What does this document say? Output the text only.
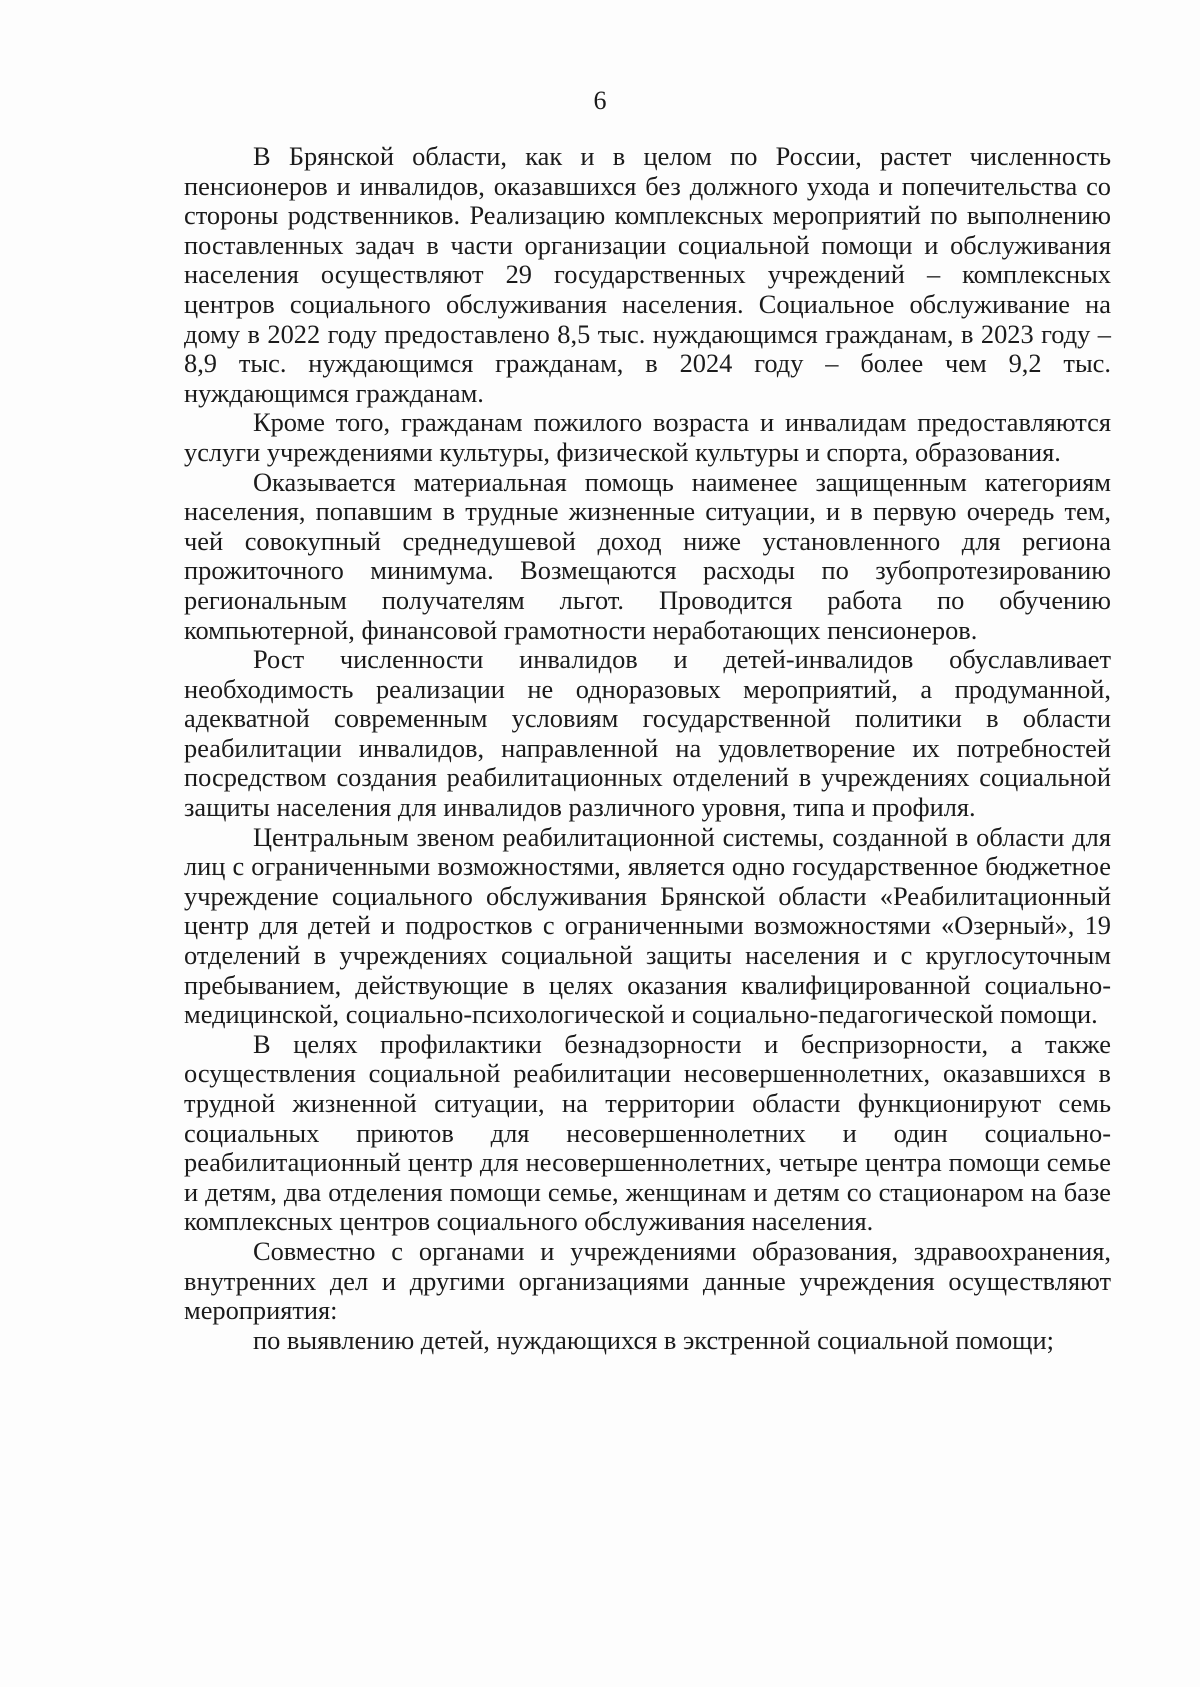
6

В Брянской области, как и в целом по России, растет численность пенсионеров и инвалидов, оказавшихся без должного ухода и попечительства со стороны родственников. Реализацию комплексных мероприятий по выполнению поставленных задач в части организации социальной помощи и обслуживания населения осуществляют 29 государственных учреждений – комплексных центров социального обслуживания населения. Социальное обслуживание на дому в 2022 году предоставлено 8,5 тыс. нуждающимся гражданам, в 2023 году – 8,9 тыс. нуждающимся гражданам, в 2024 году – более чем 9,2 тыс. нуждающимся гражданам.

Кроме того, гражданам пожилого возраста и инвалидам предоставляются услуги учреждениями культуры, физической культуры и спорта, образования.

Оказывается материальная помощь наименее защищенным категориям населения, попавшим в трудные жизненные ситуации, и в первую очередь тем, чей совокупный среднедушевой доход ниже установленного для региона прожиточного минимума. Возмещаются расходы по зубопротезированию региональным получателям льгот. Проводится работа по обучению компьютерной, финансовой грамотности неработающих пенсионеров.

Рост численности инвалидов и детей-инвалидов обуславливает необходимость реализации не одноразовых мероприятий, а продуманной, адекватной современным условиям государственной политики в области реабилитации инвалидов, направленной на удовлетворение их потребностей посредством создания реабилитационных отделений в учреждениях социальной защиты населения для инвалидов различного уровня, типа и профиля.

Центральным звеном реабилитационной системы, созданной в области для лиц с ограниченными возможностями, является одно государственное бюджетное учреждение социального обслуживания Брянской области «Реабилитационный центр для детей и подростков с ограниченными возможностями «Озерный», 19 отделений в учреждениях социальной защиты населения и с круглосуточным пребыванием, действующие в целях оказания квалифицированной социально-медицинской, социально-психологической и социально-педагогической помощи.

В целях профилактики безнадзорности и беспризорности, а также осуществления социальной реабилитации несовершеннолетних, оказавшихся в трудной жизненной ситуации, на территории области функционируют семь социальных приютов для несовершеннолетних и один социально-реабилитационный центр для несовершеннолетних, четыре центра помощи семье и детям, два отделения помощи семье, женщинам и детям со стационаром на базе комплексных центров социального обслуживания населения.

Совместно с органами и учреждениями образования, здравоохранения, внутренних дел и другими организациями данные учреждения осуществляют мероприятия:

по выявлению детей, нуждающихся в экстренной социальной помощи;
